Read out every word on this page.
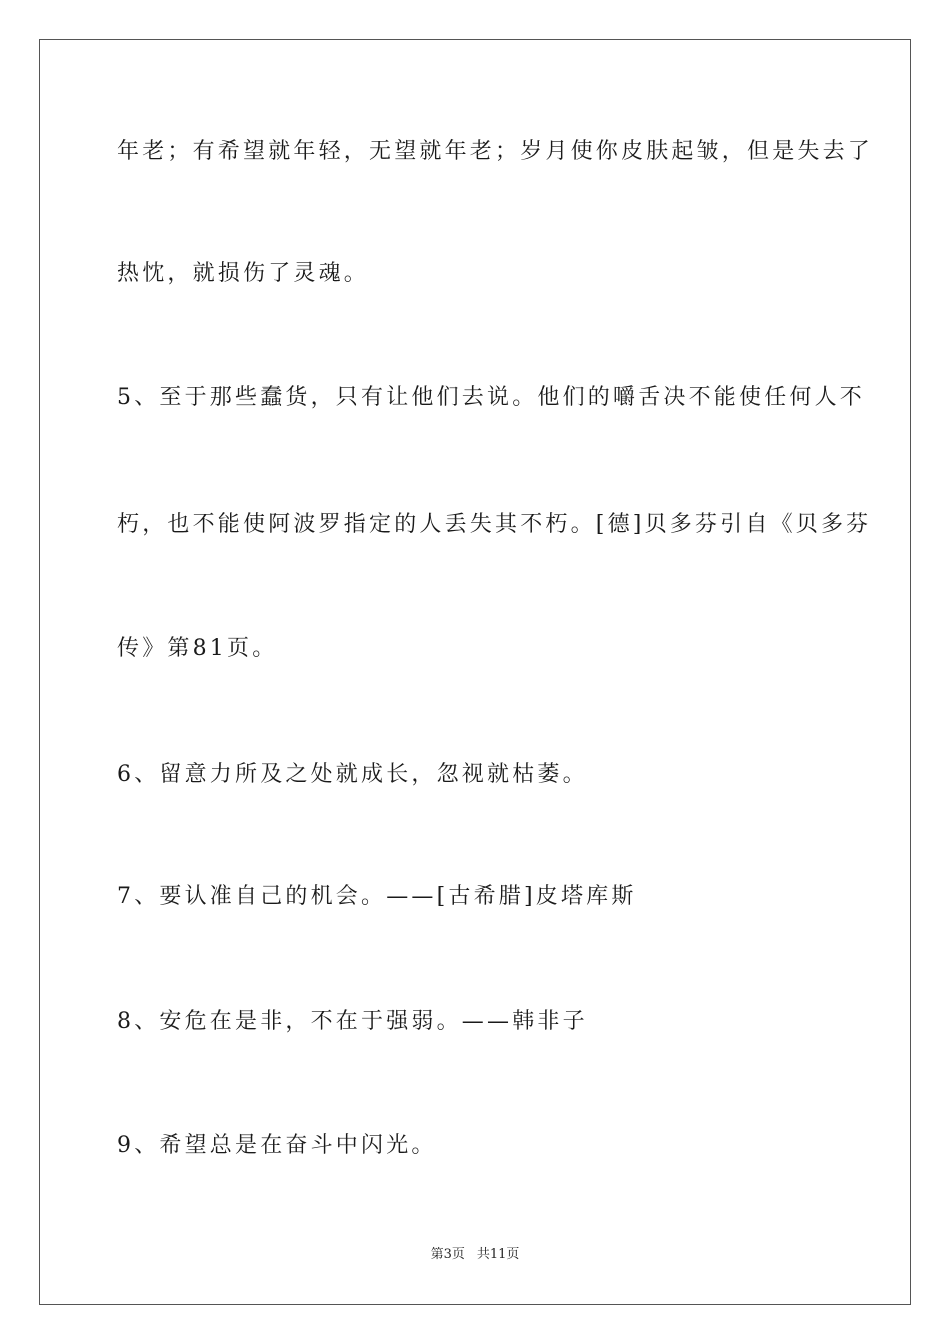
年老；有希望就年轻，无望就年老；岁月使你皮肤起皱，但是失去了

热忱，就损伤了灵魂。

5、至于那些蠢货，只有让他们去说。他们的嚼舌决不能使任何人不

朽，也不能使阿波罗指定的人丢失其不朽。[德]贝多芬引自《贝多芬

传》第81页。

6、留意力所及之处就成长，忽视就枯萎。

7、要认准自己的机会。——[古希腊]皮塔库斯

8、安危在是非，不在于强弱。——韩非子

9、希望总是在奋斗中闪光。

第3页 共11页
